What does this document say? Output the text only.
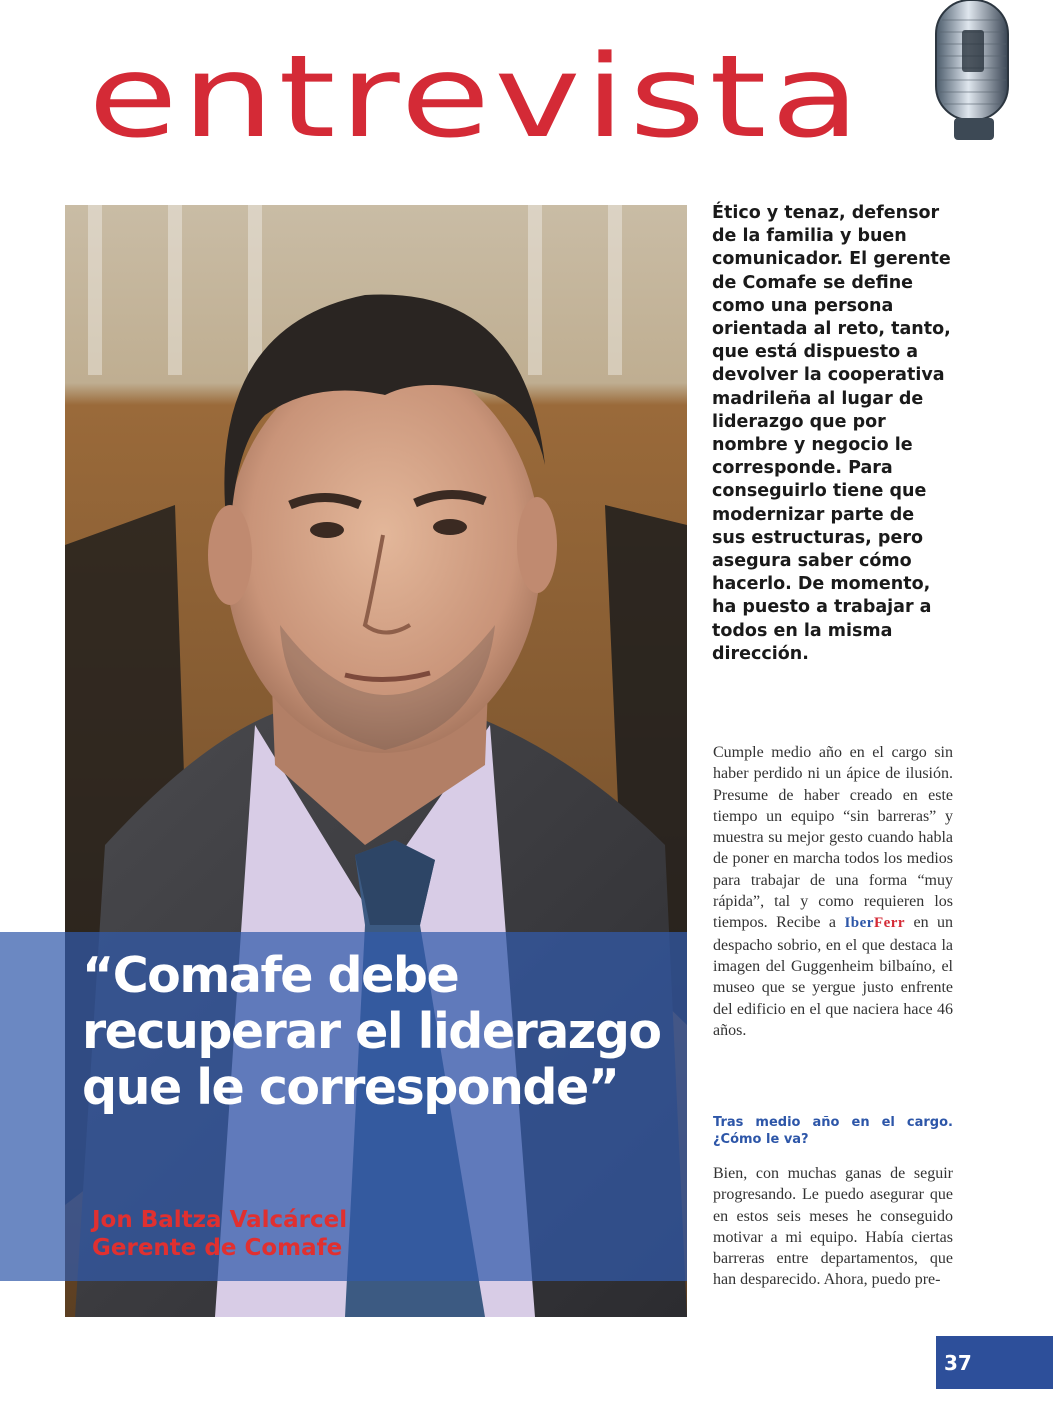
entrevista
“Comafe debe
recuperar el liderazgo
que le corresponde”
Jon Baltza Valcárcel
Gerente de Comafe
Ético y tenaz, defensor de la familia y buen comunicador. El gerente de Comafe se define como una persona orientada al reto, tanto, que está dispuesto a devolver la cooperativa madrileña al lugar de liderazgo que por nombre y negocio le corresponde. Para conseguirlo tiene que modernizar parte de sus estructuras, pero asegura saber cómo hacerlo. De momento, ha puesto a trabajar a todos en la misma dirección.
Cumple medio año en el cargo sin haber perdido ni un ápice de ilusión. Presume de haber creado en este tiempo un equipo “sin barreras” y muestra su mejor gesto cuando habla de poner en marcha todos los medios para trabajar de una forma “muy rápida”, tal y como requieren los tiempos. Recibe a IberFerr en un despacho sobrio, en el que destaca la imagen del Guggenheim bilbaíno, el museo que se yergue justo enfrente del edificio en el que naciera hace 46 años.
Tras medio año en el cargo.
¿Cómo le va?
Bien, con muchas ganas de seguir progresando. Le puedo asegurar que en estos seis meses he conseguido motivar a mi equipo. Había ciertas barreras entre departamentos, que han desparecido. Ahora, puedo pre-
37
